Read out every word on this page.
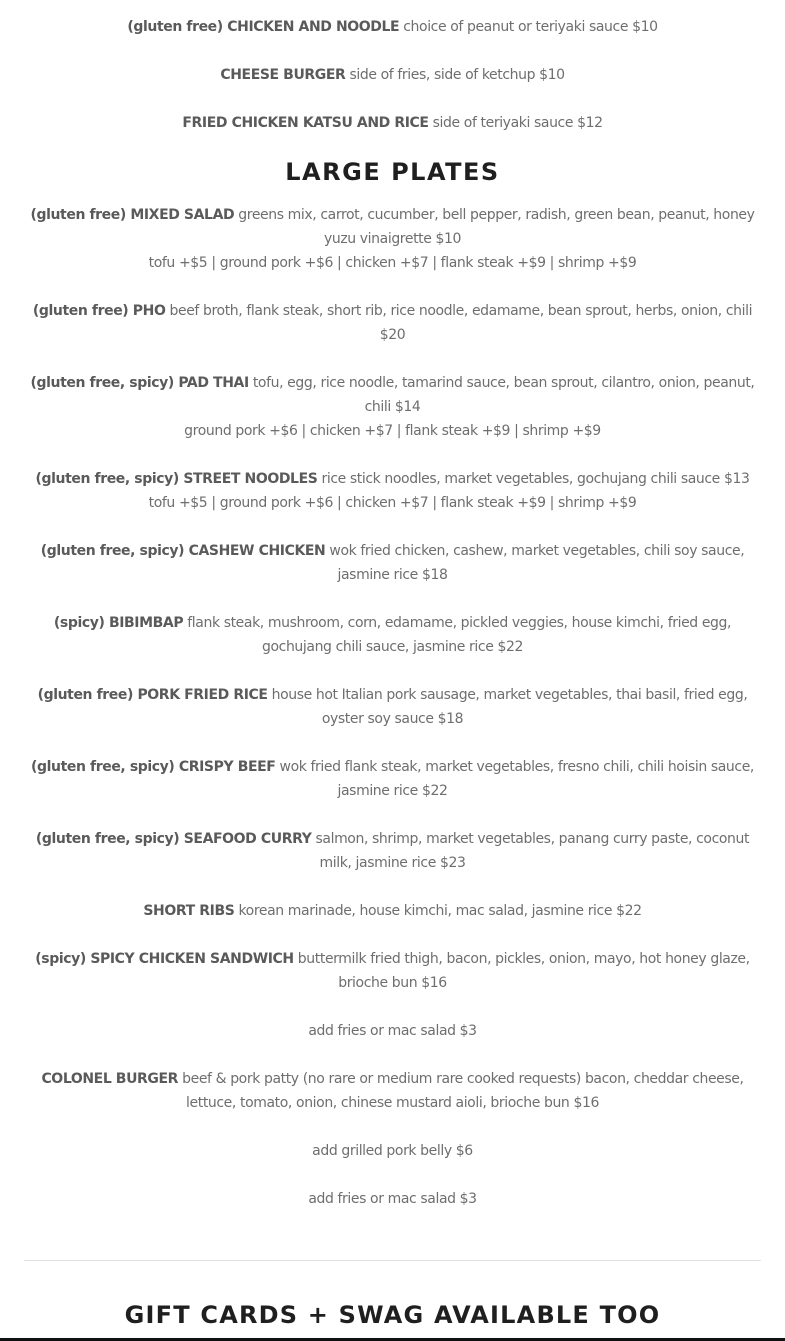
(gluten free) CHICKEN AND NOODLE choice of peanut or teriyaki sauce $10
CHEESE BURGER side of fries, side of ketchup $10
FRIED CHICKEN KATSU AND RICE side of teriyaki sauce $12
LARGE PLATES
(gluten free) MIXED SALAD greens mix, carrot, cucumber, bell pepper, radish, green bean, peanut, honey
yuzu vinaigrette $10
tofu +$5 | ground pork +$6 | chicken +$7 | flank steak +$9 | shrimp +$9
(gluten free) PHO beef broth, flank steak, short rib, rice noodle, edamame, bean sprout, herbs, onion, chili
$20
(gluten free, spicy) PAD THAI tofu, egg, rice noodle, tamarind sauce, bean sprout, cilantro, onion, peanut,
chili $14
ground pork +$6 | chicken +$7 | flank steak +$9 | shrimp +$9
(gluten free, spicy) STREET NOODLES rice stick noodles, market vegetables, gochujang chili sauce $13
tofu +$5 | ground pork +$6 | chicken +$7 | flank steak +$9 | shrimp +$9
(gluten free, spicy) CASHEW CHICKEN wok fried chicken, cashew, market vegetables, chili soy sauce,
jasmine rice $18
(spicy) BIBIMBAP flank steak, mushroom, corn, edamame, pickled veggies, house kimchi, fried egg,
gochujang chili sauce, jasmine rice $22
(gluten free) PORK FRIED RICE house hot Italian pork sausage, market vegetables, thai basil, fried egg,
oyster soy sauce $18
(gluten free, spicy) CRISPY BEEF wok fried flank steak, market vegetables, fresno chili, chili hoisin sauce,
jasmine rice $22
(gluten free, spicy) SEAFOOD CURRY salmon, shrimp, market vegetables, panang curry paste, coconut
milk, jasmine rice $23
SHORT RIBS korean marinade, house kimchi, mac salad, jasmine rice $22
(spicy) SPICY CHICKEN SANDWICH buttermilk fried thigh, bacon, pickles, onion, mayo, hot honey glaze,
brioche bun $16
add fries or mac salad $3
COLONEL BURGER beef & pork patty (no rare or medium rare cooked requests) bacon, cheddar cheese,
lettuce, tomato, onion, chinese mustard aioli, brioche bun $16
add grilled pork belly $6
add fries or mac salad $3
GIFT CARDS + SWAG AVAILABLE TOO
